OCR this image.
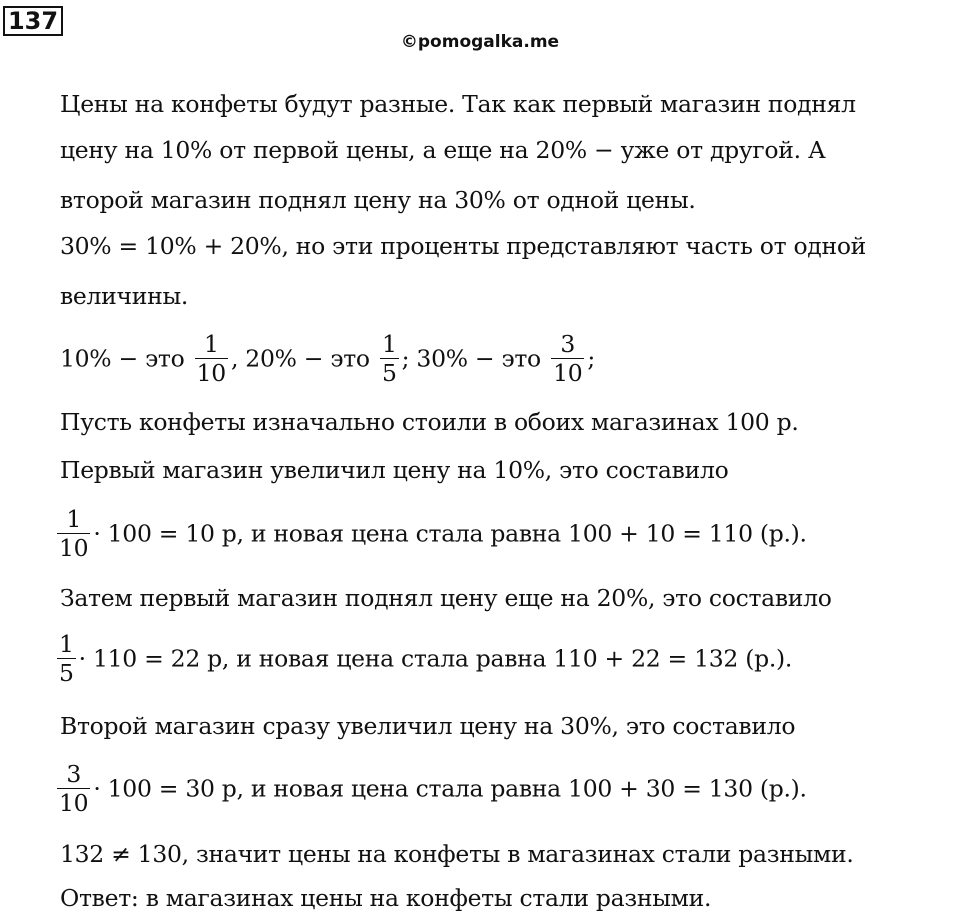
137
©pomogalka.me
Цены на конфеты будут разные. Так как первый магазин поднял
цену на 10% от первой цены, а еще на 20% − уже от другой. А
второй магазин поднял цену на 30% от одной цены.
30% = 10% + 20%, но эти проценты представляют часть от одной
величины.
10% − это $\frac{1}{10}$ , 20% − это $\frac{1}{5}$ ; 30% − это $\frac{3}{10}$ ;
Пусть конфеты изначально стоили в обоих магазинах 100 р.
Первый магазин увеличил цену на 10%, это составило
$\frac{1}{10} \cdot 100 = 10$ р, и новая цена стала равна 100 + 10 = 110 (р.).
Затем первый магазин поднял цену еще на 20%, это составило
$\frac{1}{5} \cdot 110 = 22$ р, и новая цена стала равна 110 + 22 = 132 (р.).
Второй магазин сразу увеличил цену на 30%, это составило
$\frac{3}{10} \cdot 100 = 30$ р, и новая цена стала равна 100 + 30 = 130 (р.).
132 ≠ 130, значит цены на конфеты в магазинах стали разными.
Ответ: в магазинах цены на конфеты стали разными.
